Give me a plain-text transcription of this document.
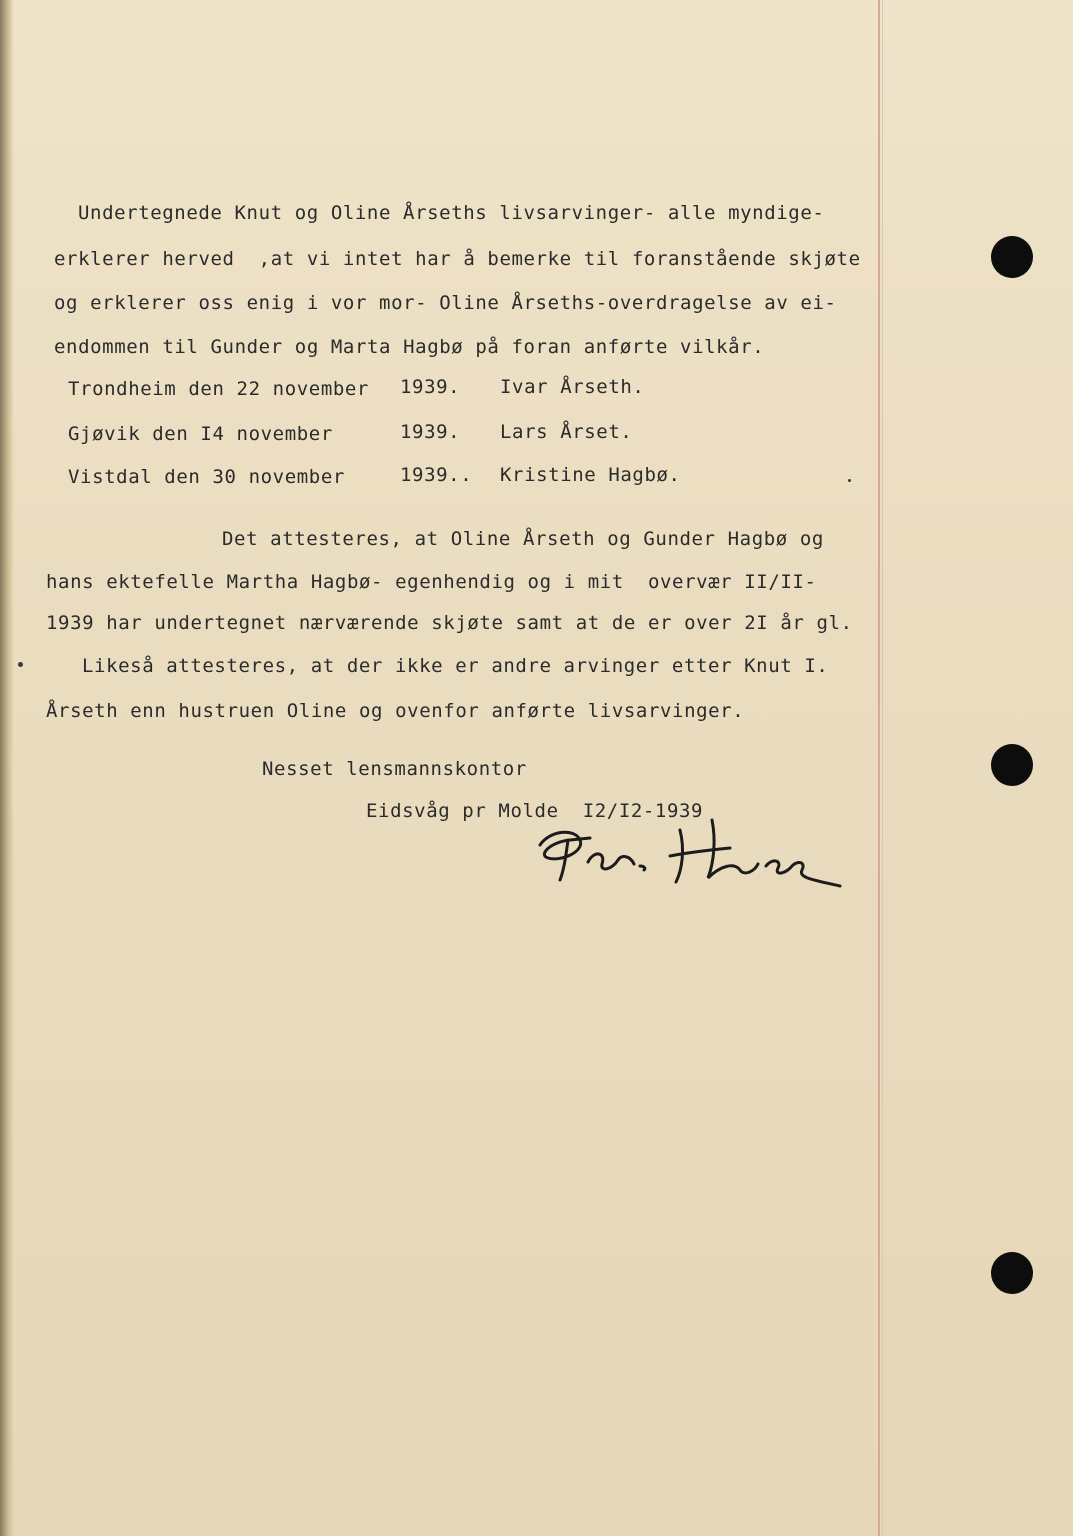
Undertegnede Knut og Oline Årseths livsarvinger- alle myndige-
erklerer herved  ,at vi intet har å bemerke til foranstående skjøte
og erklerer oss enig i vor mor- Oline Årseths-overdragelse av ei-
endommen til Gunder og Marta Hagbø på foran anførte vilkår.
Trondheim den 22 november 1939. Ivar Årseth.
Gjøvik den I4 november	1939. Lars Årset.
Vistdal den 30 november	1939.. Kristine Hagbø.
Det attesteres, at Oline Årseth og Gunder Hagbø og
hans ektefelle Martha Hagbø- egenhendig og i mit  overvær II/II-
1939 har undertegnet nærværende skjøte samt at de er over 2I år gl.
Likeså attesteres, at der ikke er andre arvinger etter Knut I.
Årseth enn hustruen Oline og ovenfor anførte livsarvinger.
Nesset lensmannskontor
Eidsvåg pr Molde  I2/I2-1939
